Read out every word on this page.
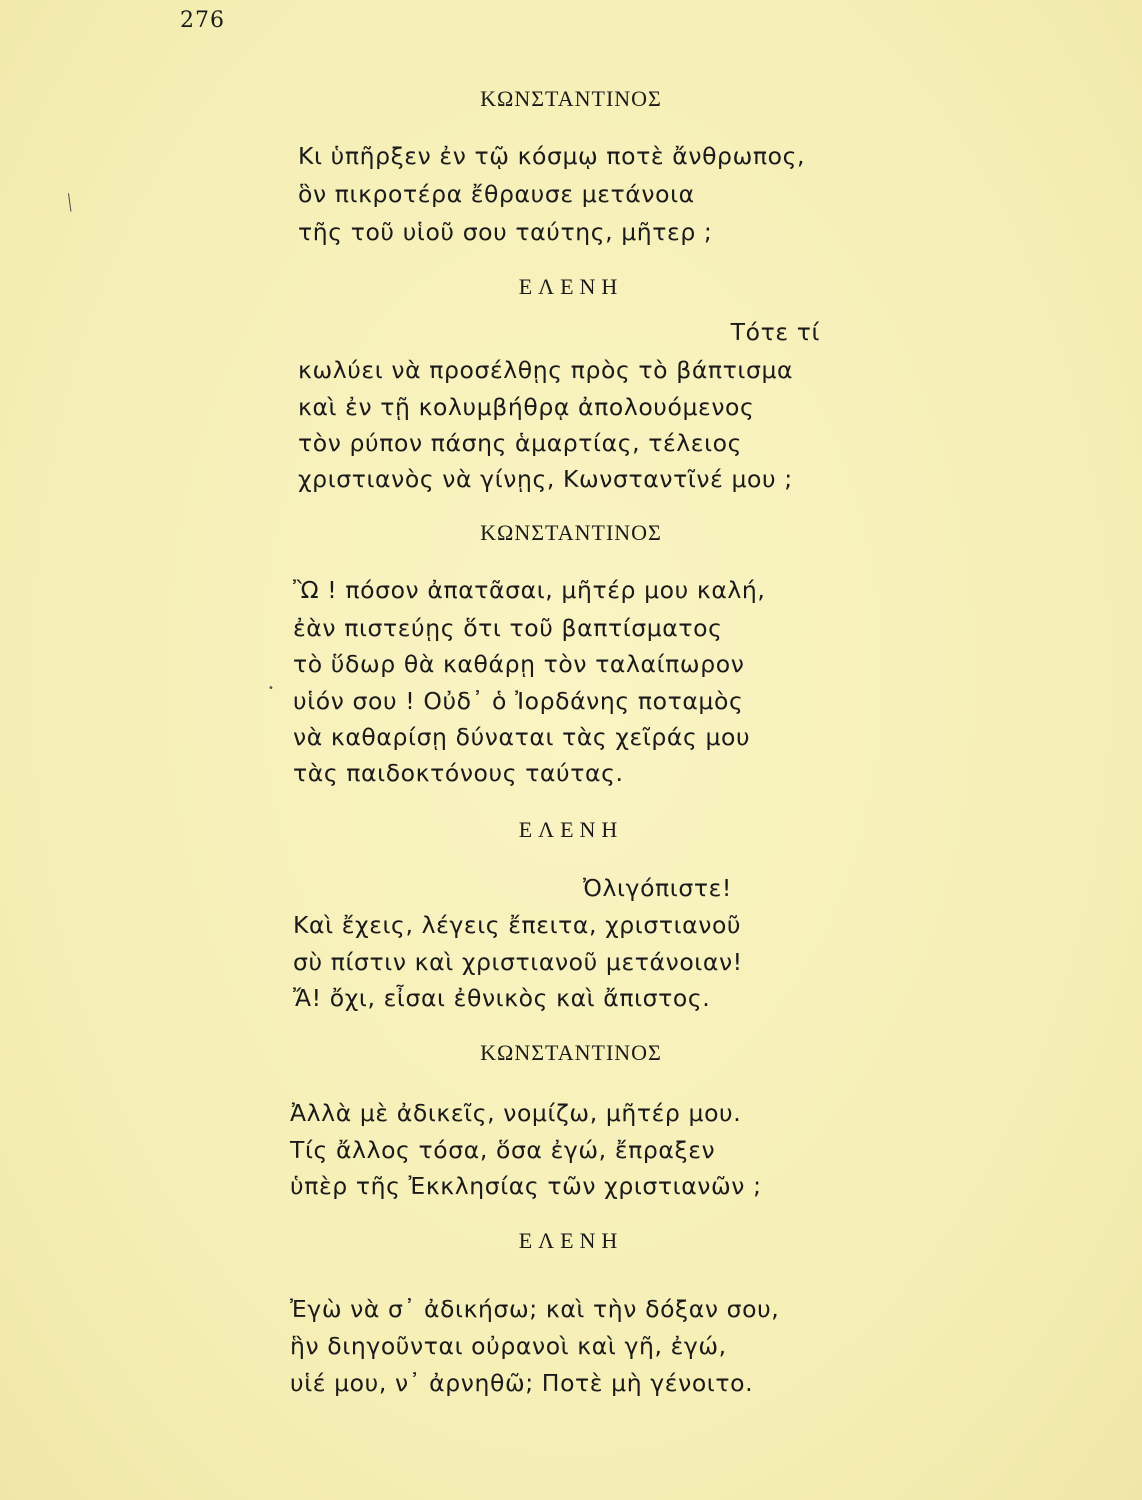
276
ΚΩΝΣΤΑΝΤΙΝΟΣ
Κι ὑπῆρξεν ἐν τῷ κόσμῳ ποτὲ ἄνθρωπος,
ὃν πικροτέρα ἔθραυσε μετάνοια
τῆς τοῦ υἱοῦ σου ταύτης, μῆτερ ;
ΕΛΕΝΗ
Τότε τί
κωλύει νὰ προσέλθῃς πρὸς τὸ βάπτισμα
καὶ ἐν τῇ κολυμβήθρᾳ ἀπολουόμενος
τὸν ρύπον πάσης ἁμαρτίας, τέλειος
χριστιανὸς νὰ γίνῃς, Κωνσταντῖνέ μου ;
ΚΩΝΣΤΑΝΤΙΝΟΣ
Ὢ ! πόσον ἀπατᾶσαι, μῆτέρ μου καλή,
ἐὰν πιστεύῃς ὅτι τοῦ βαπτίσματος
τὸ ὕδωρ θὰ καθάρῃ τὸν ταλαίπωρον
υἱόν σου ! Οὐδ᾽ ὁ Ἰορδάνης ποταμὸς
νὰ καθαρίσῃ δύναται τὰς χεῖράς μου
τὰς παιδοκτόνους ταύτας.
ΕΛΕΝΗ
Ὀλιγόπιστε!
Καὶ ἔχεις, λέγεις ἔπειτα, χριστιανοῦ
σὺ πίστιν καὶ χριστιανοῦ μετάνοιαν!
Ἄ! ὄχι, εἶσαι ἐθνικὸς καὶ ἄπιστος.
ΚΩΝΣΤΑΝΤΙΝΟΣ
Ἀλλὰ μὲ ἀδικεῖς, νομίζω, μῆτέρ μου.
Τίς ἄλλος τόσα, ὅσα ἐγώ, ἔπραξεν
ὑπὲρ τῆς Ἐκκλησίας τῶν χριστιανῶν ;
ΕΛΕΝΗ
Ἐγὼ νὰ σ᾽ ἀδικήσω; καὶ τὴν δόξαν σου,
ἣν διηγοῦνται οὐρανοὶ καὶ γῆ, ἐγώ,
υἱέ μου, ν᾽ ἀρνηθῶ; Ποτὲ μὴ γένοιτο.
╱
•
